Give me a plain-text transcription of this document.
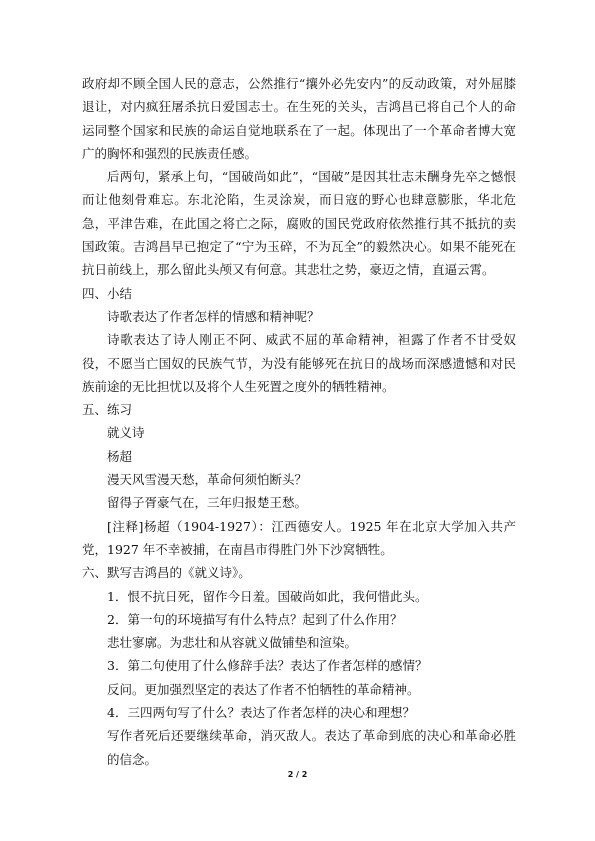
政府却不顾全国人民的意志，公然推行“攘外必先安内”的反动政策，对外屈膝退让，对内疯狂屠杀抗日爱国志士。在生死的关头，吉鸿昌已将自己个人的命运同整个国家和民族的命运自觉地联系在了一起。体现出了一个革命者博大宽广的胸怀和强烈的民族责任感。

后两句，紧承上句，“国破尚如此”，“国破”是因其壮志未酬身先卒之憾恨而让他刻骨难忘。东北沦陷，生灵涂炭，而日寇的野心也肆意膨胀，华北危急，平津告难，在此国之将亡之际，腐败的国民党政府依然推行其不抵抗的卖国政策。吉鸿昌早已抱定了“宁为玉碎，不为瓦全”的毅然决心。如果不能死在抗日前线上，那么留此头颅又有何意。其悲壮之势，豪迈之情，直逼云霄。

四、小结

诗歌表达了作者怎样的情感和精神呢？

诗歌表达了诗人刚正不阿、威武不屈的革命精神，袒露了作者不甘受奴役，不愿当亡国奴的民族气节，为没有能够死在抗日的战场而深感遗憾和对民族前途的无比担忧以及将个人生死置之度外的牺牲精神。

五、练习

就义诗

杨超

漫天风雪漫天愁，革命何须怕断头？

留得子胥豪气在，三年归报楚王愁。

[注释]杨超（1904-1927）：江西德安人。1925 年在北京大学加入共产党，1927 年不幸被捕，在南昌市得胜门外下沙窝牺牲。

六、默写吉鸿昌的《就义诗》。

1．恨不抗日死，留作今日羞。国破尚如此，我何惜此头。

2．第一句的环境描写有什么特点？起到了什么作用？

悲壮寥廓。为悲壮和从容就义做铺垫和渲染。

3．第二句使用了什么修辞手法？表达了作者怎样的感情？

反问。更加强烈坚定的表达了作者不怕牺牲的革命精神。

4．三四两句写了什么？表达了作者怎样的决心和理想？

写作者死后还要继续革命，消灭敌人。表达了革命到底的决心和革命必胜的信念。

2 / 2
